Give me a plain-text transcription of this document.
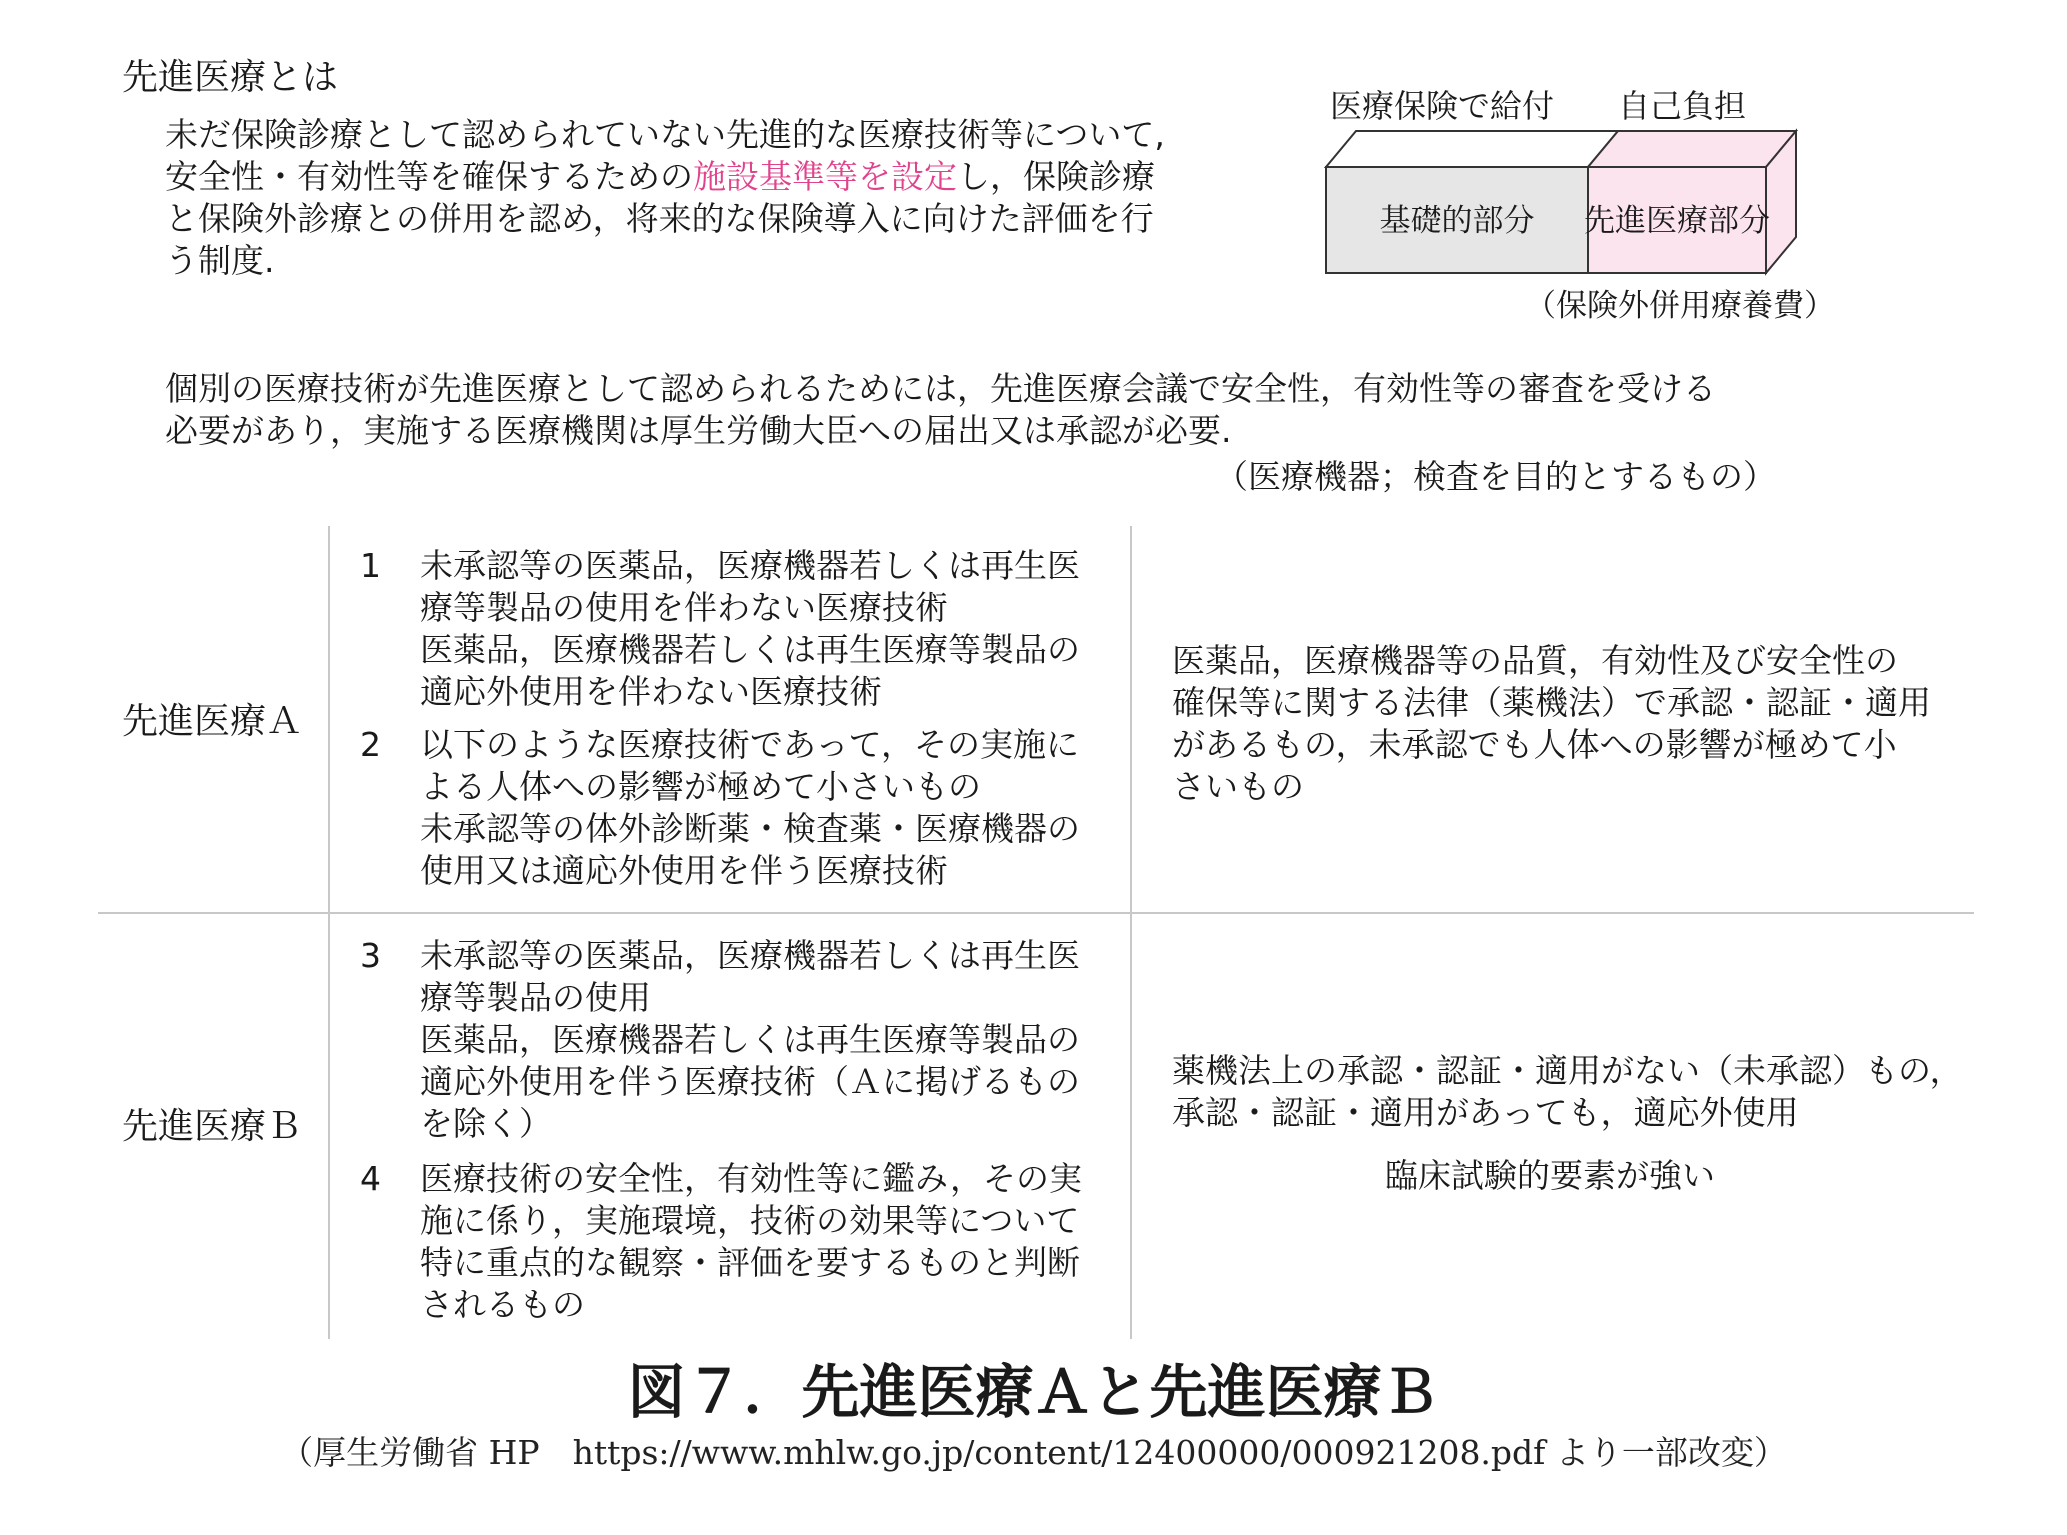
先進医療とは
未だ保険診療として認められていない先進的な医療技術等について,
安全性・有効性等を確保するための施設基準等を設定し，保険診療
と保険外診療との併用を認め，将来的な保険導入に向けた評価を行
う制度.
医療保険で給付 自己負担
基礎的部分 先進医療部分
（保険外併用療養費）
個別の医療技術が先進医療として認められるためには，先進医療会議で安全性，有効性等の審査を受ける
必要があり，実施する医療機関は厚生労働大臣への届出又は承認が必要.
（医療機器；検査を目的とするもの）
先進医療Ａ
1 未承認等の医薬品，医療機器若しくは再生医
療等製品の使用を伴わない医療技術
医薬品，医療機器若しくは再生医療等製品の
適応外使用を伴わない医療技術
2 以下のような医療技術であって，その実施に
よる人体への影響が極めて小さいもの
未承認等の体外診断薬・検査薬・医療機器の
使用又は適応外使用を伴う医療技術
医薬品，医療機器等の品質，有効性及び安全性の
確保等に関する法律（薬機法）で承認・認証・適用
があるもの，未承認でも人体への影響が極めて小
さいもの
先進医療Ｂ
3 未承認等の医薬品，医療機器若しくは再生医
療等製品の使用
医薬品，医療機器若しくは再生医療等製品の
適応外使用を伴う医療技術（Ａに掲げるもの
を除く）
4 医療技術の安全性，有効性等に鑑み，その実
施に係り，実施環境，技術の効果等について
特に重点的な観察・評価を要するものと判断
されるもの
薬機法上の承認・認証・適用がない（未承認）もの，
承認・認証・適用があっても，適応外使用
臨床試験的要素が強い
図７．先進医療Ａと先進医療Ｂ
（厚生労働省 HP　https://www.mhlw.go.jp/content/12400000/000921208.pdf より一部改変）
